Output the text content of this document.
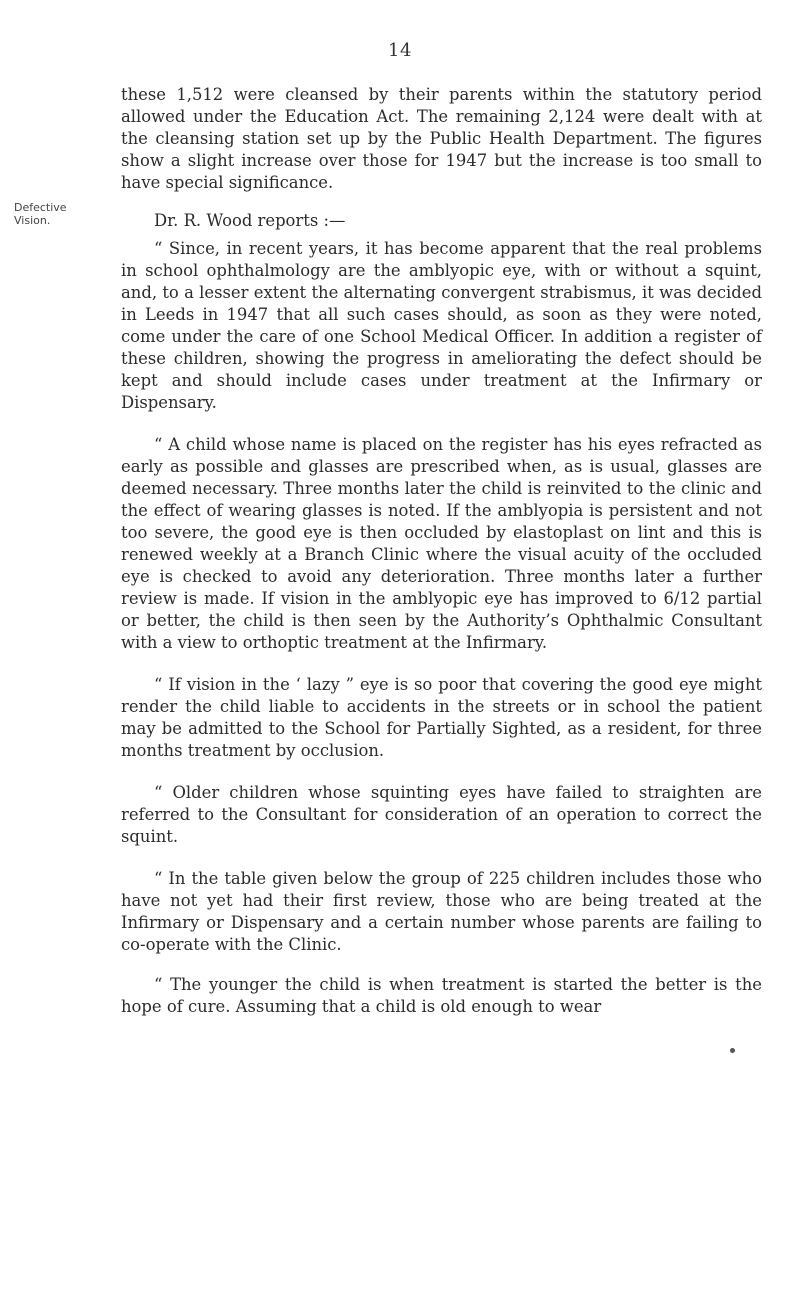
14
Defective
Vision.

these 1,512 were cleansed by their parents within the statutory period allowed under the Education Act. The remaining 2,124 were dealt with at the cleansing station set up by the Public Health Department. The figures show a slight increase over those for 1947 but the increase is too small to have special significance.

Dr. R. Wood reports :—

“ Since, in recent years, it has become apparent that the real problems in school ophthalmology are the amblyopic eye, with or without a squint, and, to a lesser extent the alternating convergent strabismus, it was decided in Leeds in 1947 that all such cases should, as soon as they were noted, come under the care of one School Medical Officer. In addition a register of these children, showing the progress in ameliorating the defect should be kept and should include cases under treatment at the Infirmary or Dispensary.

“ A child whose name is placed on the register has his eyes refracted as early as possible and glasses are prescribed when, as is usual, glasses are deemed necessary. Three months later the child is reinvited to the clinic and the effect of wearing glasses is noted. If the amblyopia is persistent and not too severe, the good eye is then occluded by elastoplast on lint and this is renewed weekly at a Branch Clinic where the visual acuity of the occluded eye is checked to avoid any deterioration. Three months later a further review is made. If vision in the amblyopic eye has improved to 6/12 partial or better, the child is then seen by the Authority’s Ophthalmic Consultant with a view to orthoptic treatment at the Infirmary.

“ If vision in the ‘ lazy ” eye is so poor that covering the good eye might render the child liable to accidents in the streets or in school the patient may be admitted to the School for Partially Sighted, as a resident, for three months treatment by occlusion.

“ Older children whose squinting eyes have failed to straighten are referred to the Consultant for consideration of an operation to correct the squint.

“ In the table given below the group of 225 children includes those who have not yet had their first review, those who are being treated at the Infirmary or Dispensary and a certain number whose parents are failing to co-operate with the Clinic.

“ The younger the child is when treatment is started the better is the hope of cure. Assuming that a child is old enough to wear
